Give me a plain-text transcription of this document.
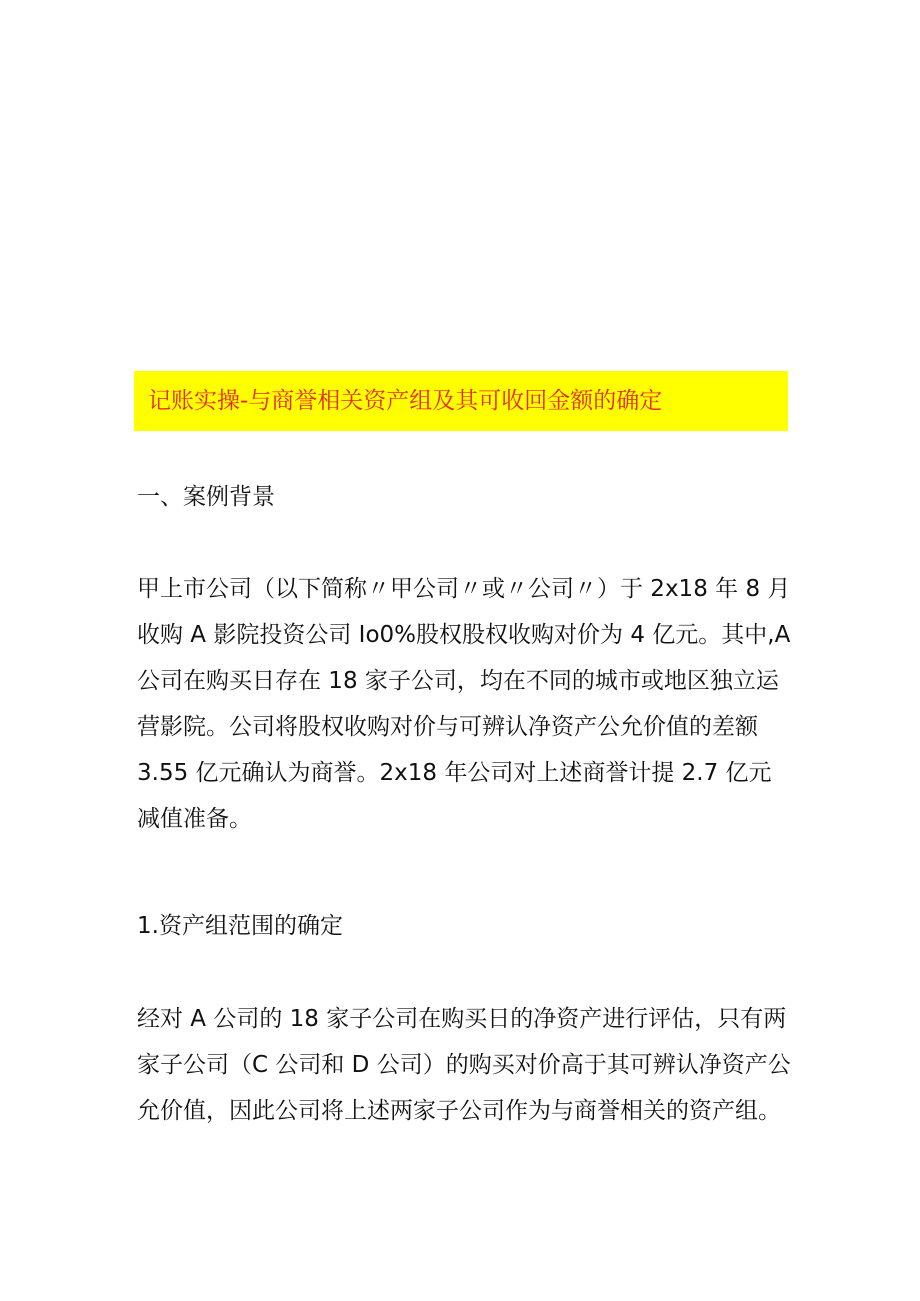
记账实操-与商誉相关资产组及其可收回金额的确定
一、案例背景
甲上市公司（以下简称〃甲公司〃或〃公司〃）于 2x18 年 8 月
收购 A 影院投资公司 Io0%股权股权收购对价为 4 亿元。其中,A
公司在购买日存在 18 家子公司，均在不同的城市或地区独立运
营影院。公司将股权收购对价与可辨认净资产公允价值的差额
3.55 亿元确认为商誉。2x18 年公司对上述商誉计提 2.7 亿元
减值准备。
1.资产组范围的确定
经对 A 公司的 18 家子公司在购买日的净资产进行评估，只有两
家子公司（C 公司和 D 公司）的购买对价高于其可辨认净资产公
允价值，因此公司将上述两家子公司作为与商誉相关的资产组。
